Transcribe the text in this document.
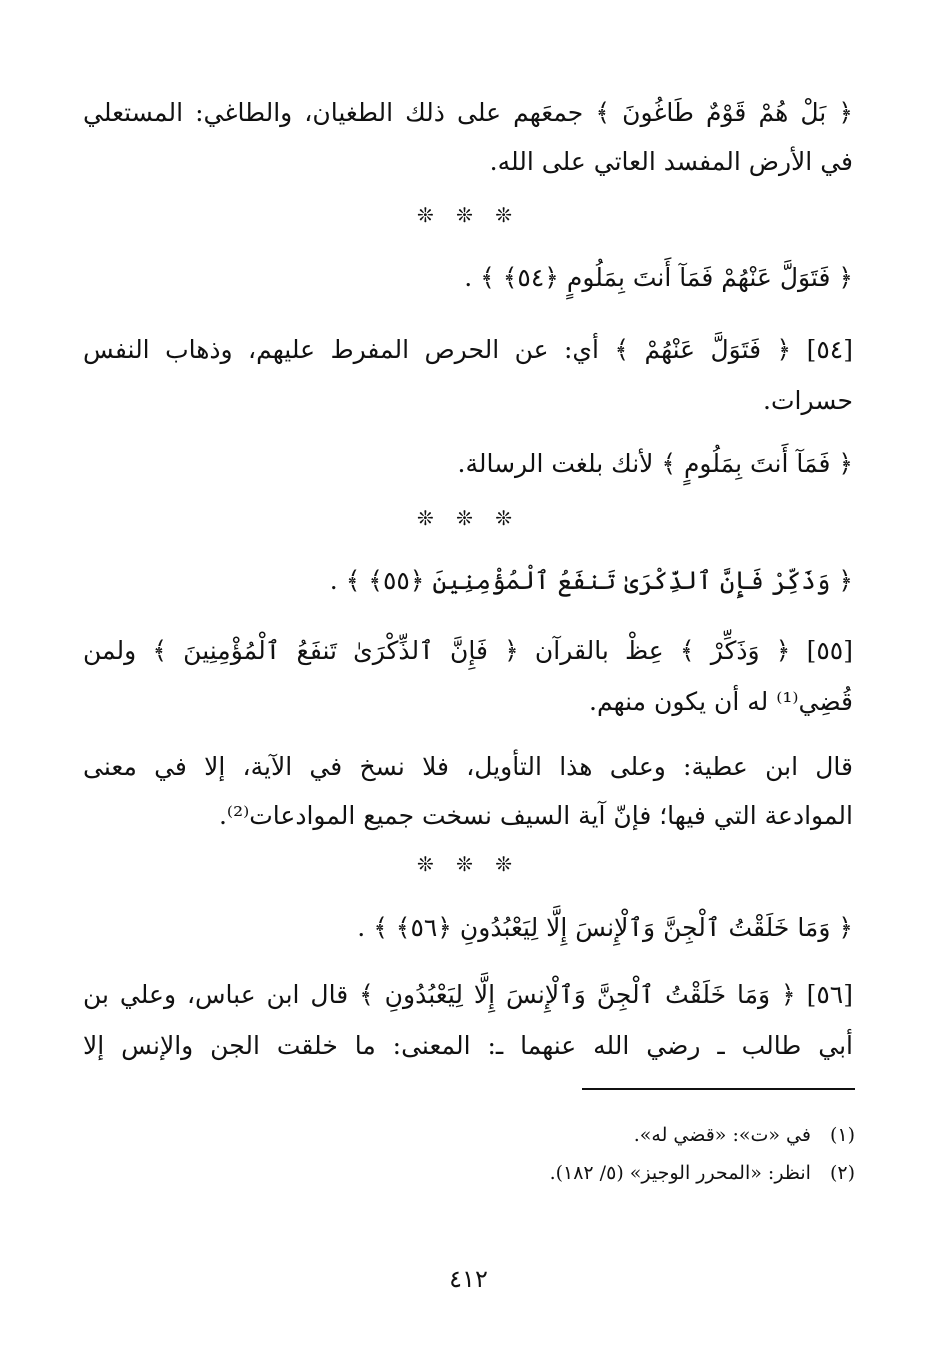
﴿ بَلْ هُمْ قَوْمٌ طَاغُونَ ﴾ جمعَهم على ذلك الطغيان، والطاغي: المستعلي
في الأرض المفسد العاتي على الله.
❊ ❊ ❊
﴿ فَتَوَلَّ عَنْهُمْ فَمَآ أَنتَ بِمَلُومٍ ﴿٥٤﴾ ﴾ .
[٥٤] ﴿ فَتَوَلَّ عَنْهُمْ ﴾ أي: عن الحرص المفرط عليهم، وذهاب النفس
حسرات.
﴿ فَمَآ أَنتَ بِمَلُومٍ ﴾ لأنك بلغت الرسالة.
❊ ❊ ❊
﴿ وَذَكِّرْ فَإِنَّ ٱلذِّكْرَىٰ تَنفَعُ ٱلْمُؤْمِنِينَ ﴿٥٥﴾ ﴾ .
[٥٥] ﴿ وَذَكِّرْ ﴾ عِظْ بالقرآن ﴿ فَإِنَّ ٱلذِّكْرَىٰ تَنفَعُ ٱلْمُؤْمِنِينَ ﴾ ولمن
قُضِي⁽¹⁾ له أن يكون منهم.
قال ابن عطية: وعلى هذا التأويل، فلا نسخ في الآية، إلا في معنى
الموادعة التي فيها؛ فإنّ آية السيف نسخت جميع الموادعات⁽²⁾.
❊ ❊ ❊
﴿ وَمَا خَلَقْتُ ٱلْجِنَّ وَٱلْإِنسَ إِلَّا لِيَعْبُدُونِ ﴿٥٦﴾ ﴾ .
[٥٦] ﴿ وَمَا خَلَقْتُ ٱلْجِنَّ وَٱلْإِنسَ إِلَّا لِيَعْبُدُونِ ﴾ قال ابن عباس، وعلي بن
أبي طالب ـ رضي الله عنهما ـ: المعنى: ما خلقت الجن والإنس إلا
(١) في «ت»: «قضي له».
(٢) انظر: «المحرر الوجيز» (٥/ ١٨٢).
٤١٢
